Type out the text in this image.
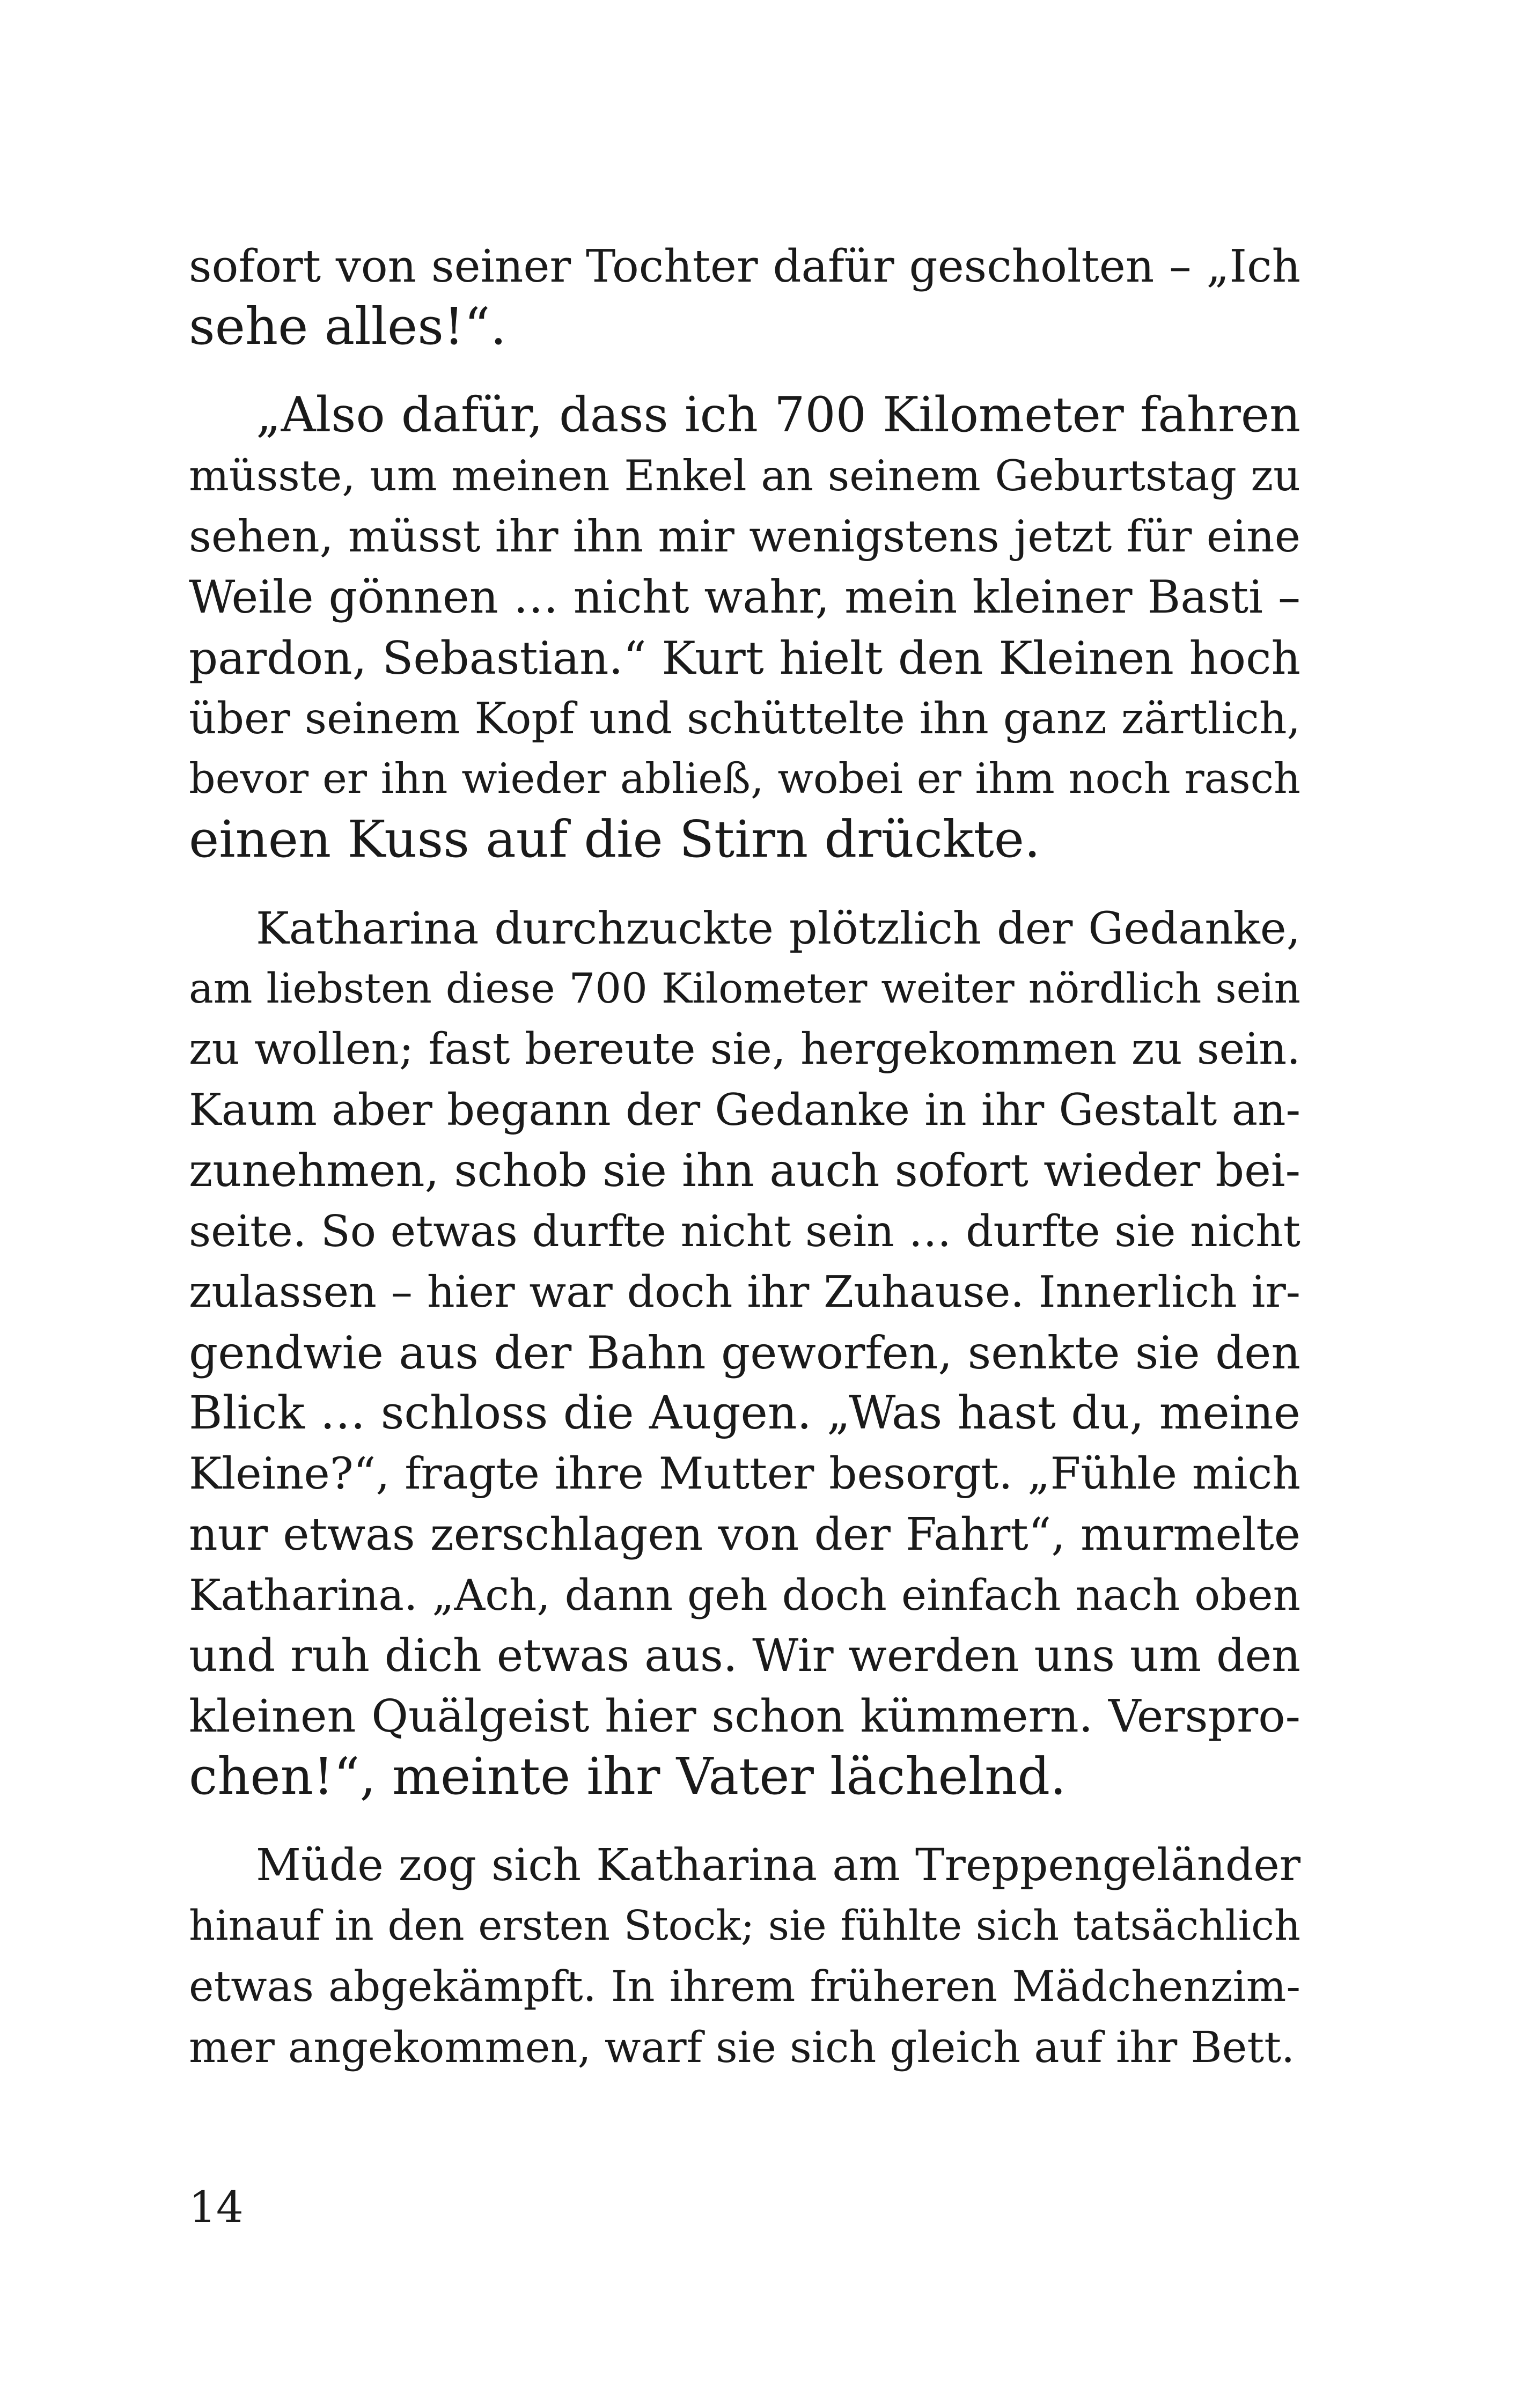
sofort von seiner Tochter dafür gescholten – „Ich
sehe alles!“.
„Also dafür, dass ich 700 Kilometer fahren
müsste, um meinen Enkel an seinem Geburtstag zu
sehen, müsst ihr ihn mir wenigstens jetzt für eine
Weile gönnen … nicht wahr, mein kleiner Basti –
pardon, Sebastian.“ Kurt hielt den Kleinen hoch
über seinem Kopf und schüttelte ihn ganz zärtlich,
bevor er ihn wieder abließ, wobei er ihm noch rasch
einen Kuss auf die Stirn drückte.
Katharina durchzuckte plötzlich der Gedanke,
am liebsten diese 700 Kilometer weiter nördlich sein
zu wollen; fast bereute sie, hergekommen zu sein.
Kaum aber begann der Gedanke in ihr Gestalt an-
zunehmen, schob sie ihn auch sofort wieder bei-
seite. So etwas durfte nicht sein … durfte sie nicht
zulassen – hier war doch ihr Zuhause. Innerlich ir-
gendwie aus der Bahn geworfen, senkte sie den
Blick … schloss die Augen. „Was hast du, meine
Kleine?“, fragte ihre Mutter besorgt. „Fühle mich
nur etwas zerschlagen von der Fahrt“, murmelte
Katharina. „Ach, dann geh doch einfach nach oben
und ruh dich etwas aus. Wir werden uns um den
kleinen Quälgeist hier schon kümmern. Verspro-
chen!“, meinte ihr Vater lächelnd.
Müde zog sich Katharina am Treppengeländer
hinauf in den ersten Stock; sie fühlte sich tatsächlich
etwas abgekämpft. In ihrem früheren Mädchenzim-
mer angekommen, warf sie sich gleich auf ihr Bett.
14
